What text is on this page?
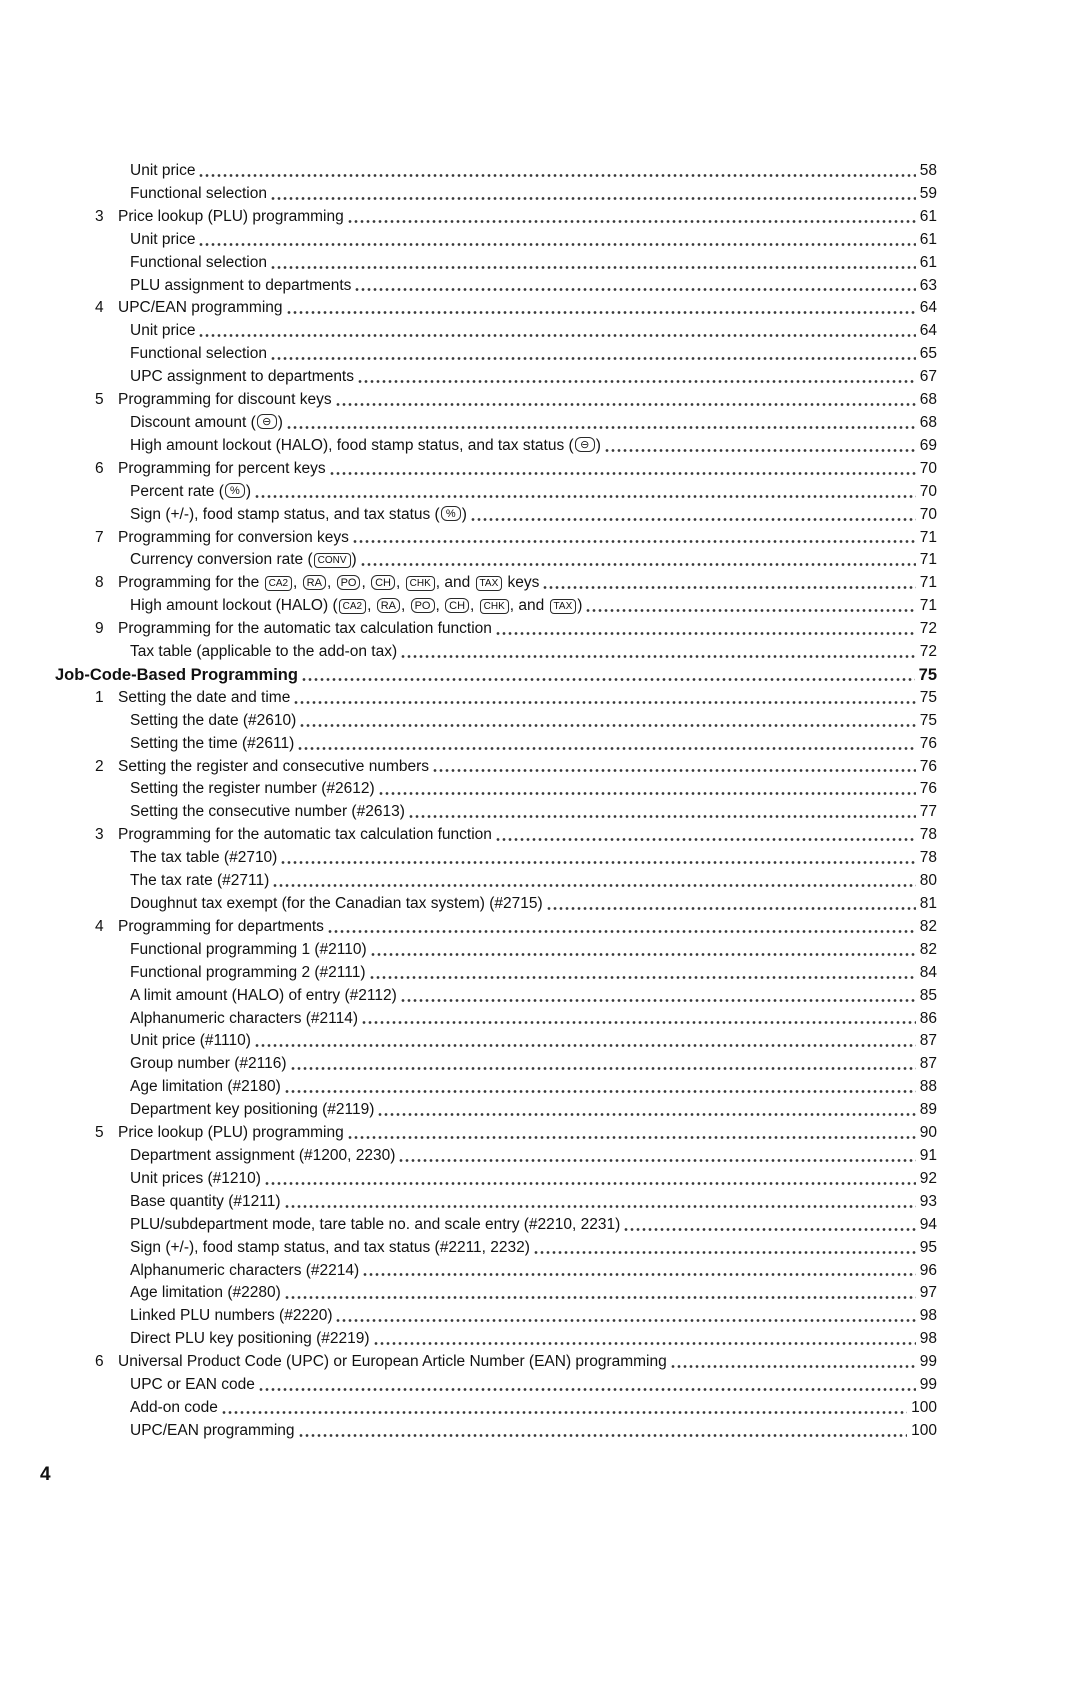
Unit price	58
Functional selection	59
3 Price lookup (PLU) programming	61
Unit price	61
Functional selection	61
PLU assignment to departments	63
4 UPC/EAN programming	64
Unit price	64
Functional selection	65
UPC assignment to departments	67
5 Programming for discount keys	68
Discount amount ( ⊖ )	68
High amount lockout (HALO), food stamp status, and tax status ( ⊖ )	69
6 Programming for percent keys	70
Percent rate ( % )	70
Sign (+/-), food stamp status, and tax status ( % )	70
7 Programming for conversion keys	71
Currency conversion rate ( CONV )	71
8 Programming for the CA2 , RA , PO , CH , CHK , and TAX keys	71
High amount lockout (HALO) ( CA2 , RA , PO , CH , CHK , and TAX )	71
9 Programming for the automatic tax calculation function	72
Tax table (applicable to the add-on tax)	72
Job-Code-Based Programming	75
1 Setting the date and time	75
Setting the date (#2610)	75
Setting the time (#2611)	76
2 Setting the register and consecutive numbers	76
Setting the register number (#2612)	76
Setting the consecutive number (#2613)	77
3 Programming for the automatic tax calculation function	78
The tax table (#2710)	78
The tax rate (#2711)	80
Doughnut tax exempt (for the Canadian tax system) (#2715)	81
4 Programming for departments	82
Functional programming 1 (#2110)	82
Functional programming 2 (#2111)	84
A limit amount (HALO) of entry (#2112)	85
Alphanumeric characters (#2114)	86
Unit price (#1110)	87
Group number (#2116)	87
Age limitation (#2180)	88
Department key positioning (#2119)	89
5 Price lookup (PLU) programming	90
Department assignment (#1200, 2230)	91
Unit prices (#1210)	92
Base quantity (#1211)	93
PLU/subdepartment mode, tare table no. and scale entry (#2210, 2231)	94
Sign (+/-), food stamp status, and tax status (#2211, 2232)	95
Alphanumeric characters (#2214)	96
Age limitation (#2280)	97
Linked PLU numbers (#2220)	98
Direct PLU key positioning (#2219)	98
6 Universal Product Code (UPC) or European Article Number (EAN) programming	99
UPC or EAN code	99
Add-on code	100
UPC/EAN programming	100
4
